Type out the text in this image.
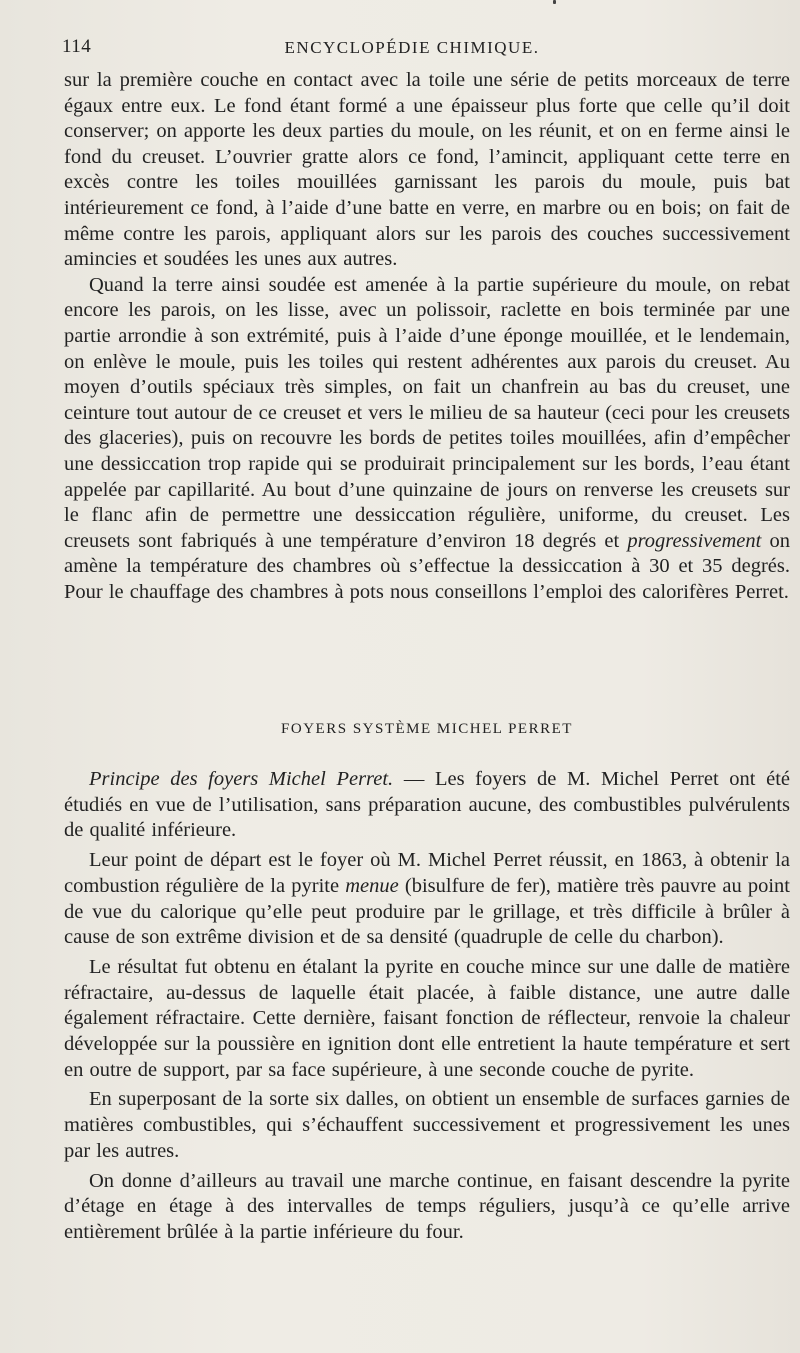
114	ENCYCLOPÉDIE CHIMIQUE.

sur la première couche en contact avec la toile une série de petits morceaux de terre égaux entre eux. Le fond étant formé a une épaisseur plus forte que celle qu’il doit conserver; on apporte les deux parties du moule, on les réunit, et on en ferme ainsi le fond du creuset. L’ouvrier gratte alors ce fond, l’amincit, appliquant cette terre en excès contre les toiles mouillées garnissant les parois du moule, puis bat intérieurement ce fond, à l’aide d’une batte en verre, en marbre ou en bois; on fait de même contre les parois, appliquant alors sur les parois des couches successivement amincies et soudées les unes aux autres.

Quand la terre ainsi soudée est amenée à la partie supérieure du moule, on rebat encore les parois, on les lisse, avec un polissoir, raclette en bois terminée par une partie arrondie à son extrémité, puis à l’aide d’une éponge mouillée, et le lendemain, on enlève le moule, puis les toiles qui restent adhérentes aux parois du creuset. Au moyen d’outils spéciaux très simples, on fait un chanfrein au bas du creuset, une ceinture tout autour de ce creuset et vers le milieu de sa hauteur (ceci pour les creusets des glaceries), puis on recouvre les bords de petites toiles mouillées, afin d’empêcher une dessiccation trop rapide qui se produirait principalement sur les bords, l’eau étant appelée par capillarité. Au bout d’une quinzaine de jours on renverse les creusets sur le flanc afin de permettre une dessiccation régulière, uniforme, du creuset. Les creusets sont fabriqués à une température d’environ 18 degrés et progressivement on amène la température des chambres où s’effectue la dessiccation à 30 et 35 degrés. Pour le chauffage des chambres à pots nous conseillons l’emploi des calorifères Perret.

FOYERS SYSTÈME MICHEL PERRET

Principe des foyers Michel Perret. — Les foyers de M. Michel Perret ont été étudiés en vue de l’utilisation, sans préparation aucune, des combustibles pulvérulents de qualité inférieure.

Leur point de départ est le foyer où M. Michel Perret réussit, en 1863, à obtenir la combustion régulière de la pyrite menue (bisulfure de fer), matière très pauvre au point de vue du calorique qu’elle peut produire par le grillage, et très difficile à brûler à cause de son extrême division et de sa densité (quadruple de celle du charbon).

Le résultat fut obtenu en étalant la pyrite en couche mince sur une dalle de matière réfractaire, au-dessus de laquelle était placée, à faible distance, une autre dalle également réfractaire. Cette dernière, faisant fonction de réflecteur, renvoie la chaleur développée sur la poussière en ignition dont elle entretient la haute température et sert en outre de support, par sa face supérieure, à une seconde couche de pyrite.

En superposant de la sorte six dalles, on obtient un ensemble de surfaces garnies de matières combustibles, qui s’échauffent successivement et progressivement les unes par les autres.

On donne d’ailleurs au travail une marche continue, en faisant descendre la pyrite d’étage en étage à des intervalles de temps réguliers, jusqu’à ce qu’elle arrive entièrement brûlée à la partie inférieure du four.
